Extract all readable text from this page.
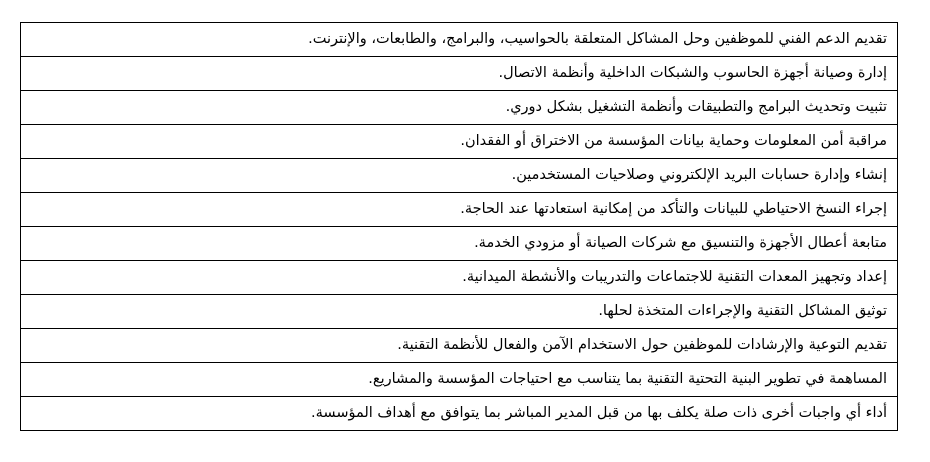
تقديم الدعم الفني للموظفين وحل المشاكل المتعلقة بالحواسيب، والبرامج، والطابعات، والإنترنت.
إدارة وصيانة أجهزة الحاسوب والشبكات الداخلية وأنظمة الاتصال.
تثبيت وتحديث البرامج والتطبيقات وأنظمة التشغيل بشكل دوري.
مراقبة أمن المعلومات وحماية بيانات المؤسسة من الاختراق أو الفقدان.
إنشاء وإدارة حسابات البريد الإلكتروني وصلاحيات المستخدمين.
إجراء النسخ الاحتياطي للبيانات والتأكد من إمكانية استعادتها عند الحاجة.
متابعة أعطال الأجهزة والتنسيق مع شركات الصيانة أو مزودي الخدمة.
إعداد وتجهيز المعدات التقنية للاجتماعات والتدريبات والأنشطة الميدانية.
توثيق المشاكل التقنية والإجراءات المتخذة لحلها.
تقديم التوعية والإرشادات للموظفين حول الاستخدام الآمن والفعال للأنظمة التقنية.
المساهمة في تطوير البنية التحتية التقنية بما يتناسب مع احتياجات المؤسسة والمشاريع.
أداء أي واجبات أخرى ذات صلة يكلف بها من قبل المدير المباشر بما يتوافق مع أهداف المؤسسة.
